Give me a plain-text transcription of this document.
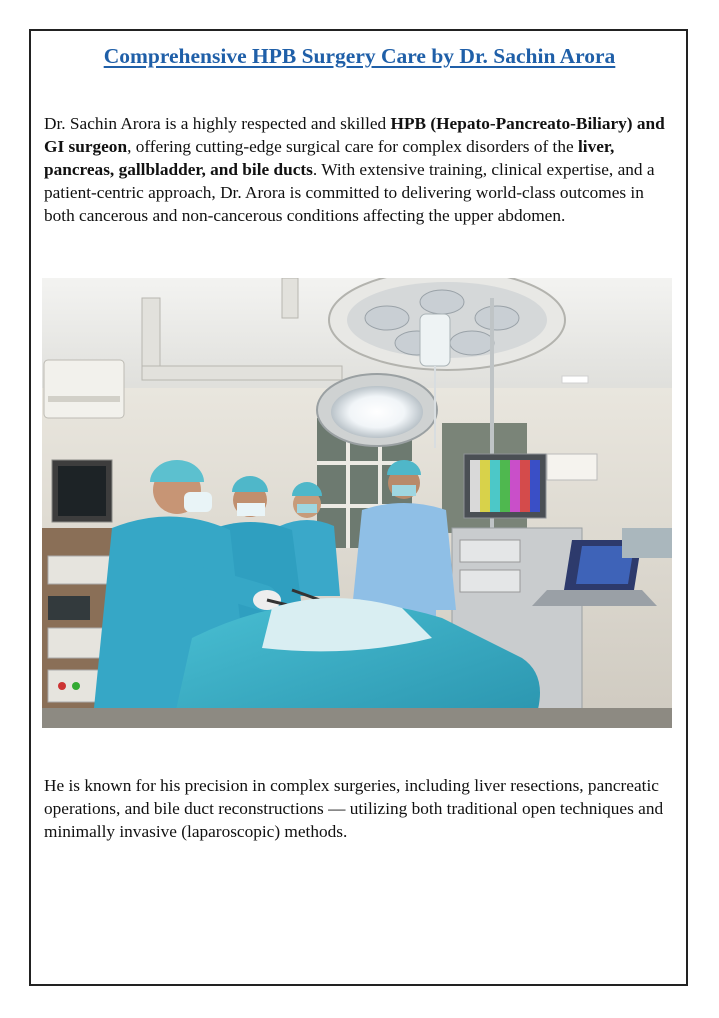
Comprehensive HPB Surgery Care by Dr. Sachin Arora
Dr. Sachin Arora is a highly respected and skilled HPB (Hepato-Pancreato-Biliary) and GI surgeon, offering cutting-edge surgical care for complex disorders of the liver, pancreas, gallbladder, and bile ducts. With extensive training, clinical expertise, and a patient-centric approach, Dr. Arora is committed to delivering world-class outcomes in both cancerous and non-cancerous conditions affecting the upper abdomen.
He is known for his precision in complex surgeries, including liver resections, pancreatic operations, and bile duct reconstructions — utilizing both traditional open techniques and minimally invasive (laparoscopic) methods.
